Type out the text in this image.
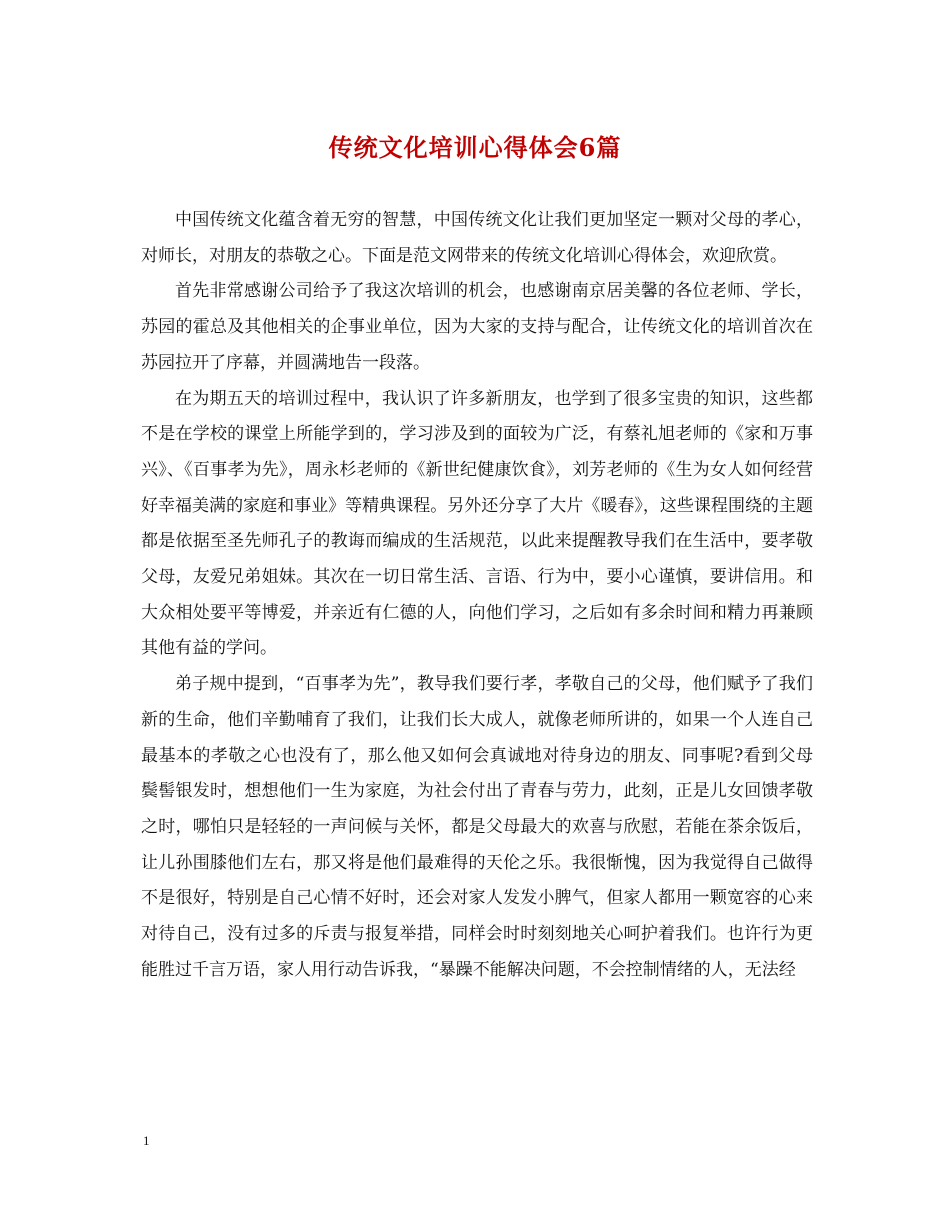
传统文化培训心得体会6篇

中国传统文化蕴含着无穷的智慧，中国传统文化让我们更加坚定一颗对父母的孝心，对师长，对朋友的恭敬之心。下面是范文网带来的传统文化培训心得体会，欢迎欣赏。

首先非常感谢公司给予了我这次培训的机会，也感谢南京居美馨的各位老师、学长，苏园的霍总及其他相关的企事业单位，因为大家的支持与配合，让传统文化的培训首次在苏园拉开了序幕，并圆满地告一段落。

在为期五天的培训过程中，我认识了许多新朋友，也学到了很多宝贵的知识，这些都不是在学校的课堂上所能学到的，学习涉及到的面较为广泛，有蔡礼旭老师的《家和万事兴》、《百事孝为先》，周永杉老师的《新世纪健康饮食》，刘芳老师的《生为女人如何经营好幸福美满的家庭和事业》等精典课程。另外还分享了大片《暖春》，这些课程围绕的主题都是依据至圣先师孔子的教诲而编成的生活规范，以此来提醒教导我们在生活中，要孝敬父母，友爱兄弟姐妹。其次在一切日常生活、言语、行为中，要小心谨慎，要讲信用。和大众相处要平等博爱，并亲近有仁德的人，向他们学习，之后如有多余时间和精力再兼顾其他有益的学问。

弟子规中提到，“百事孝为先”，教导我们要行孝，孝敬自己的父母，他们赋予了我们新的生命，他们辛勤哺育了我们，让我们长大成人，就像老师所讲的，如果一个人连自己最基本的孝敬之心也没有了，那么他又如何会真诚地对待身边的朋友、同事呢?看到父母鬓髻银发时，想想他们一生为家庭，为社会付出了青春与劳力，此刻，正是儿女回馈孝敬之时，哪怕只是轻轻的一声问候与关怀，都是父母最大的欢喜与欣慰，若能在茶余饭后，让儿孙围膝他们左右，那又将是他们最难得的天伦之乐。我很惭愧，因为我觉得自己做得不是很好，特别是自己心情不好时，还会对家人发发小脾气，但家人都用一颗宽容的心来对待自己，没有过多的斥责与报复举措，同样会时时刻刻地关心呵护着我们。也许行为更能胜过千言万语，家人用行动告诉我，“暴躁不能解决问题，不会控制情绪的人，无法经

1
